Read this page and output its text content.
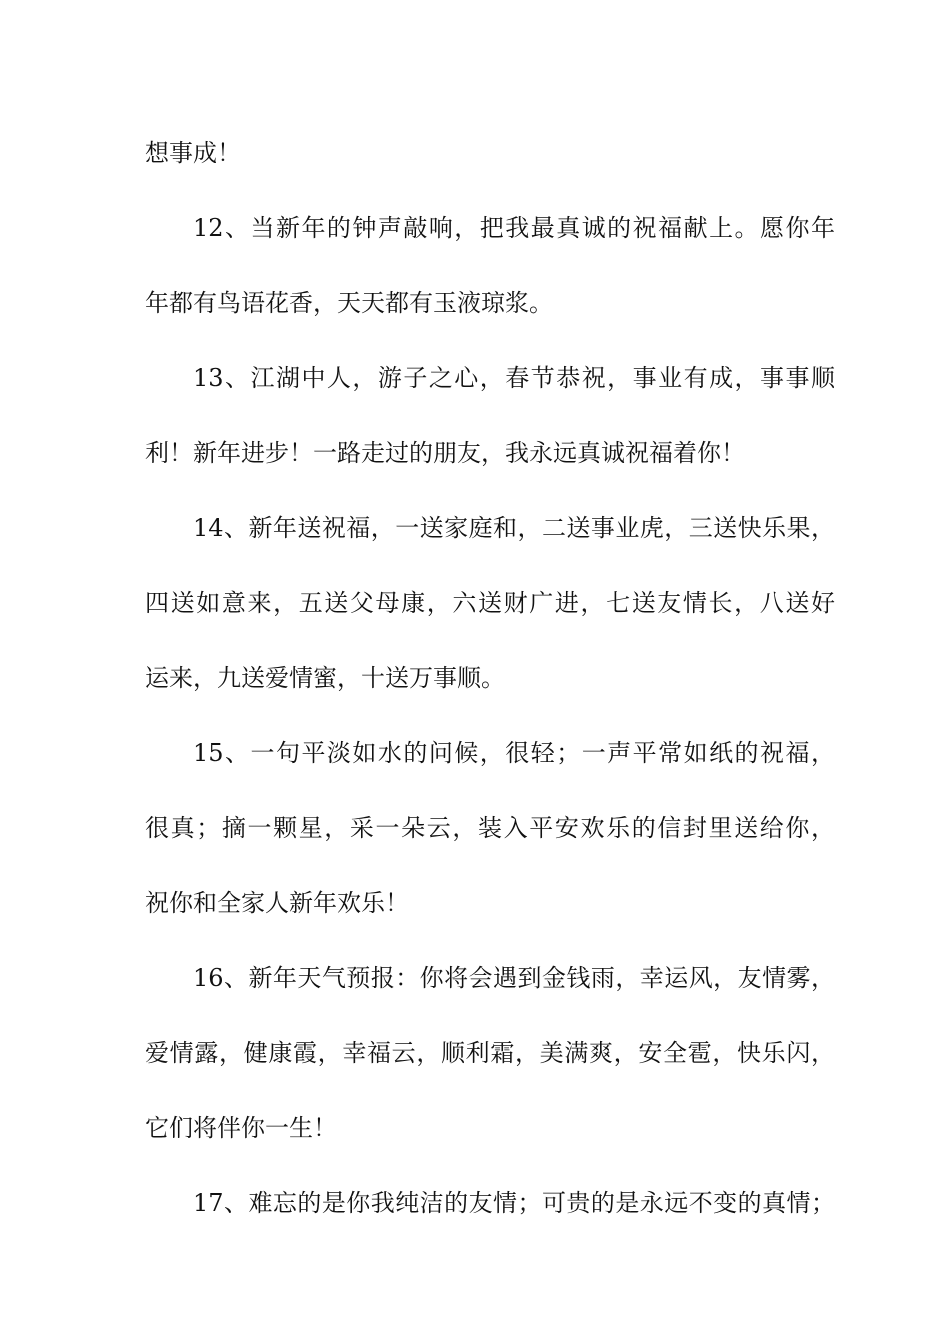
想事成！
12、当新年的钟声敲响，把我最真诚的祝福献上。愿你年
年都有鸟语花香，天天都有玉液琼浆。
13、江湖中人，游子之心，春节恭祝，事业有成，事事顺
利！新年进步！一路走过的朋友，我永远真诚祝福着你！
14、新年送祝福，一送家庭和，二送事业虎，三送快乐果，
四送如意来，五送父母康，六送财广进，七送友情长，八送好
运来，九送爱情蜜，十送万事顺。
15、一句平淡如水的问候，很轻；一声平常如纸的祝福，
很真；摘一颗星，采一朵云，装入平安欢乐的信封里送给你，
祝你和全家人新年欢乐！
16、新年天气预报：你将会遇到金钱雨，幸运风，友情雾，
爱情露，健康霞，幸福云，顺利霜，美满爽，安全雹，快乐闪，
它们将伴你一生！
17、难忘的是你我纯洁的友情；可贵的是永远不变的真情；
